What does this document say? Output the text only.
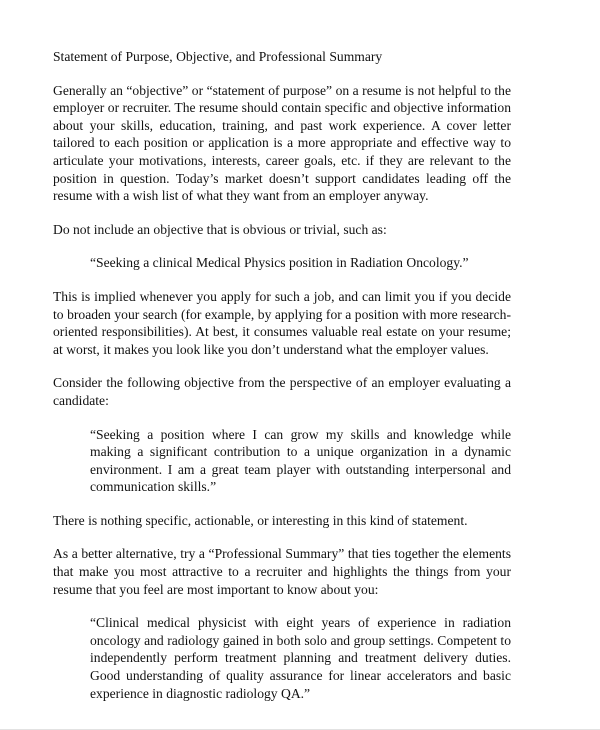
Statement of Purpose, Objective, and Professional Summary

Generally an “objective” or “statement of purpose” on a resume is not helpful to the employer or recruiter. The resume should contain specific and objective information about your skills, education, training, and past work experience. A cover letter tailored to each position or application is a more appropriate and effective way to articulate your motivations, interests, career goals, etc. if they are relevant to the position in question. Today’s market doesn’t support candidates leading off the resume with a wish list of what they want from an employer anyway.

Do not include an objective that is obvious or trivial, such as:

“Seeking a clinical Medical Physics position in Radiation Oncology.”

This is implied whenever you apply for such a job, and can limit you if you decide to broaden your search (for example, by applying for a position with more research-oriented responsibilities). At best, it consumes valuable real estate on your resume; at worst, it makes you look like you don’t understand what the employer values.

Consider the following objective from the perspective of an employer evaluating a candidate:

“Seeking a position where I can grow my skills and knowledge while making a significant contribution to a unique organization in a dynamic environment. I am a great team player with outstanding interpersonal and communication skills.”

There is nothing specific, actionable, or interesting in this kind of statement.

As a better alternative, try a “Professional Summary” that ties together the elements that make you most attractive to a recruiter and highlights the things from your resume that you feel are most important to know about you:

“Clinical medical physicist with eight years of experience in radiation oncology and radiology gained in both solo and group settings. Competent to independently perform treatment planning and treatment delivery duties. Good understanding of quality assurance for linear accelerators and basic experience in diagnostic radiology QA.”
